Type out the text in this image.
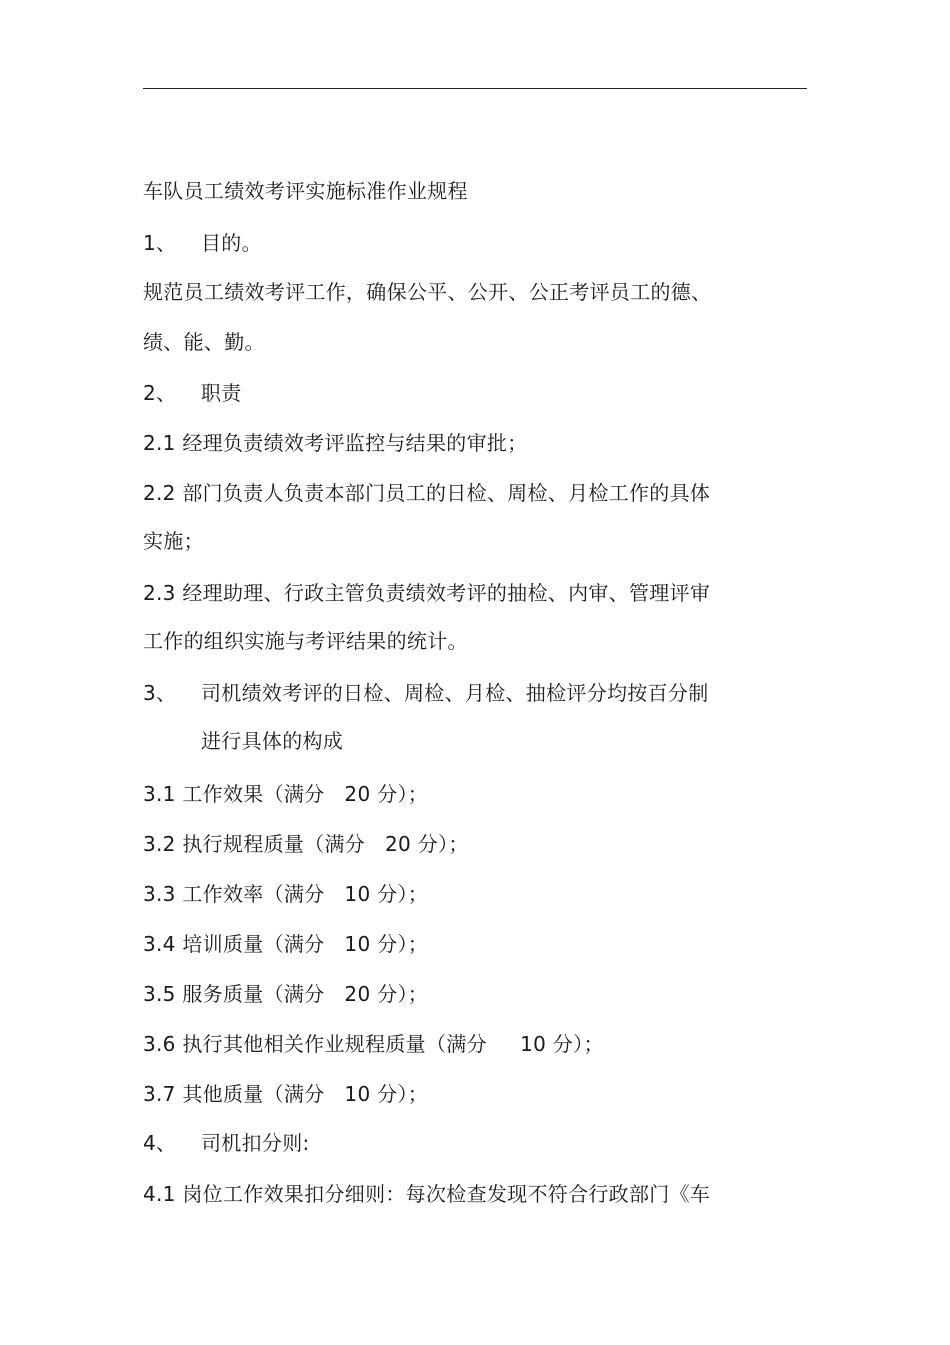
车队员工绩效考评实施标准作业规程
1、 目的。
规范员工绩效考评工作，确保公平、公开、公正考评员工的德、
绩、能、勤。
2、 职责
2.1 经理负责绩效考评监控与结果的审批；
2.2 部门负责人负责本部门员工的日检、周检、月检工作的具体
实施；
2.3 经理助理、行政主管负责绩效考评的抽检、内审、管理评审
工作的组织实施与考评结果的统计。
3、 司机绩效考评的日检、周检、月检、抽检评分均按百分制
进行具体的构成
3.1 工作效果（满分   20 分）；
3.2 执行规程质量（满分   20 分）；
3.3 工作效率（满分   10 分）；
3.4 培训质量（满分   10 分）；
3.5 服务质量（满分   20 分）；
3.6 执行其他相关作业规程质量（满分     10 分）；
3.7 其他质量（满分   10 分）；
4、 司机扣分则:
4.1 岗位工作效果扣分细则：每次检查发现不符合行政部门《车
